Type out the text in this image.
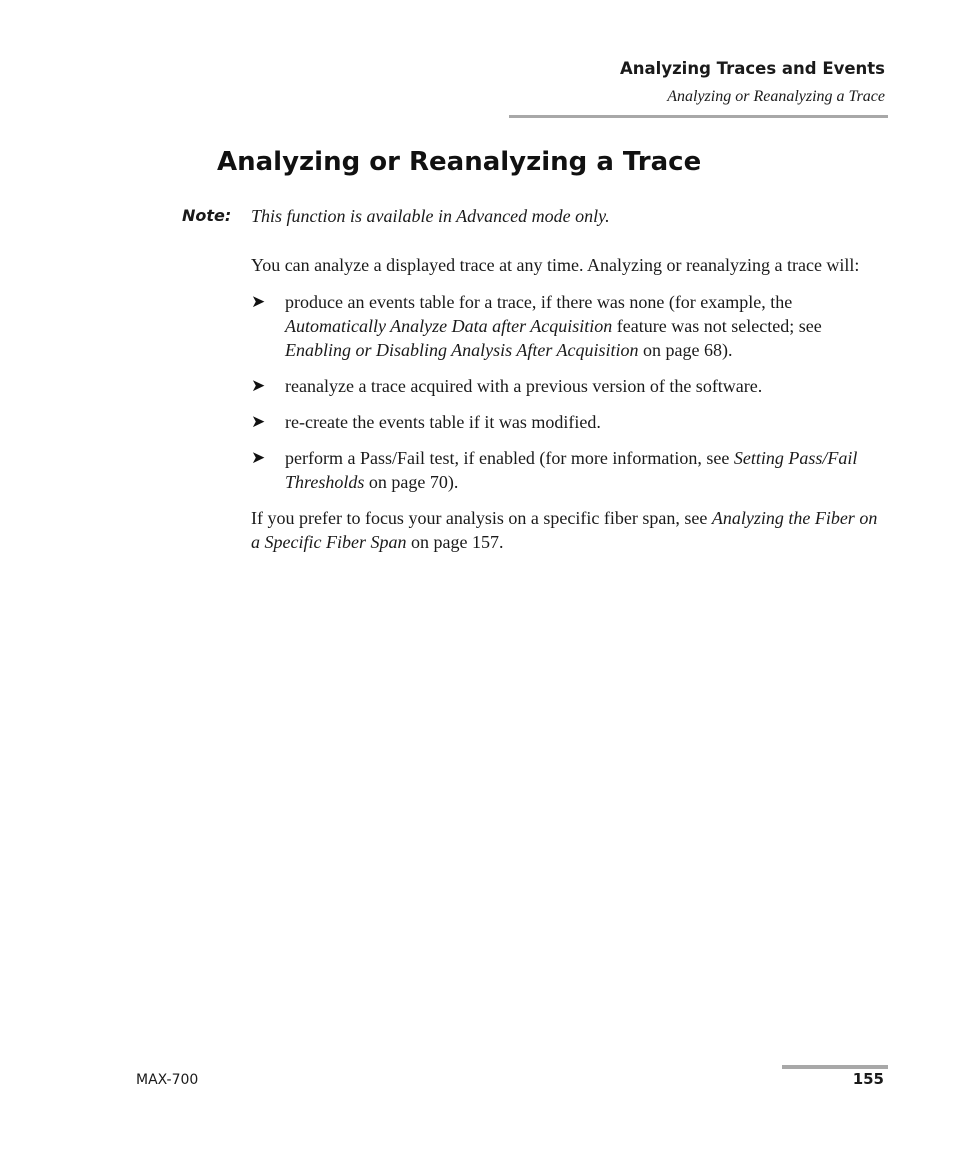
Analyzing Traces and Events
Analyzing or Reanalyzing a Trace
Analyzing or Reanalyzing a Trace
Note: This function is available in Advanced mode only.

You can analyze a displayed trace at any time. Analyzing or reanalyzing a trace will:

➤ produce an events table for a trace, if there was none (for example, the Automatically Analyze Data after Acquisition feature was not selected; see Enabling or Disabling Analysis After Acquisition on page 68).
➤ reanalyze a trace acquired with a previous version of the software.
➤ re-create the events table if it was modified.
➤ perform a Pass/Fail test, if enabled (for more information, see Setting Pass/Fail Thresholds on page 70).

If you prefer to focus your analysis on a specific fiber span, see Analyzing the Fiber on a Specific Fiber Span on page 157.

MAX-700	155
